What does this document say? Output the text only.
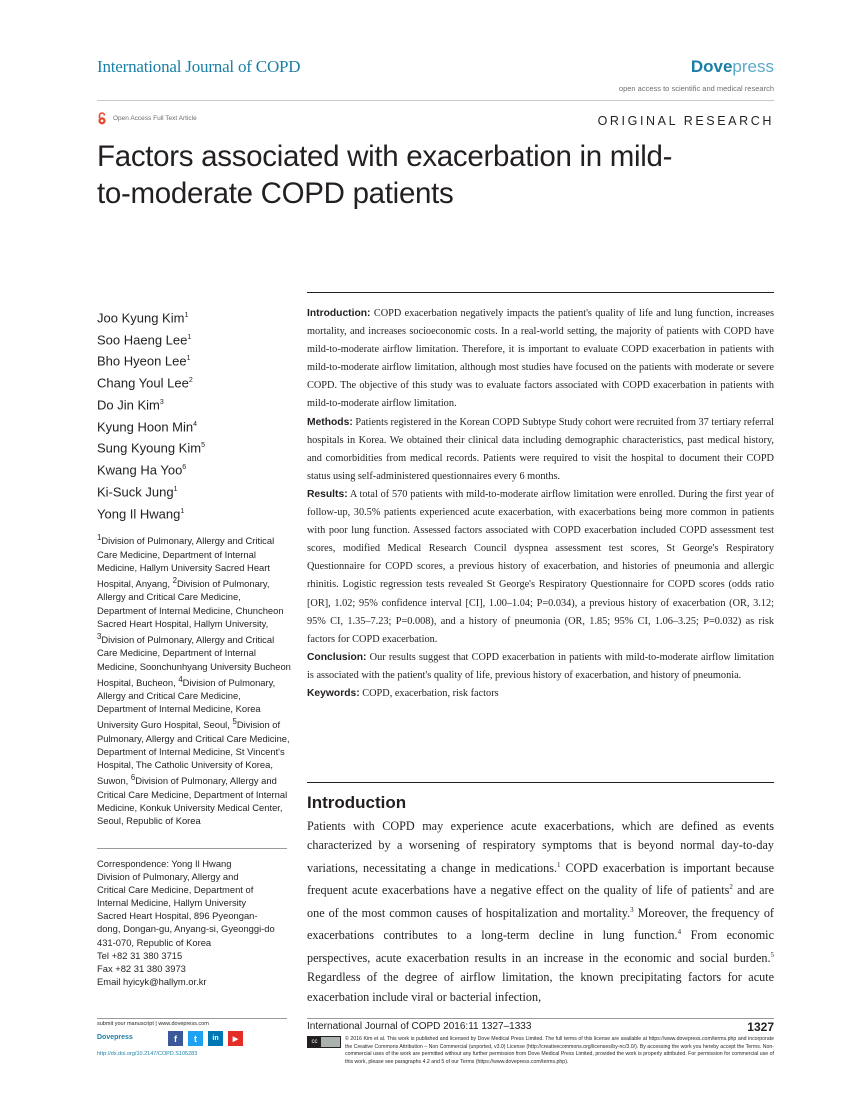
International Journal of COPD	Dovepress
open access to scientific and medical research
Open Access Full Text Article	ORIGINAL RESEARCH
Factors associated with exacerbation in mild-
to-moderate COPD patients
Joo Kyung Kim$^1$
Soo Haeng Lee$^1$
Bho Hyeon Lee$^1$
Chang Youl Lee$^2$
Do Jin Kim$^3$
Kyung Hoon Min$^4$
Sung Kyoung Kim$^5$
Kwang Ha Yoo$^6$
Ki-Suck Jung$^1$
Yong Il Hwang$^1$
$^1$Division of Pulmonary, Allergy and Critical Care Medicine, Department of Internal Medicine, Hallym University Sacred Heart Hospital, Anyang, $^2$Division of Pulmonary, Allergy and Critical Care Medicine, Department of Internal Medicine, Chuncheon Sacred Heart Hospital, Hallym University, $^3$Division of Pulmonary, Allergy and Critical Care Medicine, Department of Internal Medicine, Soonchunhyang University Bucheon Hospital, Bucheon, $^4$Division of Pulmonary, Allergy and Critical Care Medicine, Department of Internal Medicine, Korea University Guro Hospital, Seoul, $^5$Division of Pulmonary, Allergy and Critical Care Medicine, Department of Internal Medicine, St Vincent's Hospital, The Catholic University of Korea, Suwon, $^6$Division of Pulmonary, Allergy and Critical Care Medicine, Department of Internal Medicine, Konkuk University Medical Center, Seoul, Republic of Korea
Correspondence: Yong Il Hwang
Division of Pulmonary, Allergy and
Critical Care Medicine, Department of
Internal Medicine, Hallym University
Sacred Heart Hospital, 896 Pyeongan-
dong, Dongan-gu, Anyang-si, Gyeonggi-do
431-070, Republic of Korea
Tel +82 31 380 3715
Fax +82 31 380 3973
Email hyicyk@hallym.or.kr

Introduction: COPD exacerbation negatively impacts the patient's quality of life and lung function, increases mortality, and increases socioeconomic costs. In a real-world setting, the majority of patients with COPD have mild-to-moderate airflow limitation. Therefore, it is important to evaluate COPD exacerbation in patients with mild-to-moderate airflow limitation, although most studies have focused on the patients with moderate or severe COPD. The objective of this study was to evaluate factors associated with COPD exacerbation in patients with mild-to-moderate airflow limitation.

Methods: Patients registered in the Korean COPD Subtype Study cohort were recruited from 37 tertiary referral hospitals in Korea. We obtained their clinical data including demographic characteristics, past medical history, and comorbidities from medical records. Patients were required to visit the hospital to document their COPD status using self-administered questionnaires every 6 months.

Results: A total of 570 patients with mild-to-moderate airflow limitation were enrolled. During the first year of follow-up, 30.5% patients experienced acute exacerbation, with exacerbations being more common in patients with poor lung function. Assessed factors associated with COPD exacerbation included COPD assessment test scores, modified Medical Research Council dyspnea assessment test scores, St George's Respiratory Questionnaire for COPD scores, a previous history of exacerbation, and histories of pneumonia and allergic rhinitis. Logistic regression tests revealed St George's Respiratory Questionnaire for COPD scores (odds ratio [OR], 1.02; 95% confidence interval [CI], 1.00–1.04; P=0.034), a previous history of exacerbation (OR, 3.12; 95% CI, 1.35–7.23; P=0.008), and a history of pneumonia (OR, 1.85; 95% CI, 1.06–3.25; P=0.032) as risk factors for COPD exacerbation.

Conclusion: Our results suggest that COPD exacerbation in patients with mild-to-moderate airflow limitation is associated with the patient's quality of life, previous history of exacerbation, and history of pneumonia.

Keywords: COPD, exacerbation, risk factors

Introduction
Patients with COPD may experience acute exacerbations, which are defined as events characterized by a worsening of respiratory symptoms that is beyond normal day-to-day variations, necessitating a change in medications.$^1$ COPD exacerbation is important because frequent acute exacerbations have a negative effect on the quality of life of patients$^2$ and are one of the most common causes of hospitalization and mortality.$^3$ Moreover, the frequency of exacerbations contributes to a long-term decline in lung function.$^4$ From economic perspectives, acute exacerbation results in an increase in the economic and social burden.$^5$ Regardless of the degree of airflow limitation, the known precipitating factors for acute exacerbation include viral or bacterial infection,
submit your manuscript | www.dovepress.com
Dovepress	f	t	in	▶
http://dx.doi.org/10.2147/COPD.S105283
International Journal of COPD 2016:11 1327–1333	1327
cc	© 2016 Kim et al. This work is published and licensed by Dove Medical Press Limited. The full terms of this license are available at https://www.dovepress.com/terms.php and incorporate the Creative Commons Attribution – Non Commercial (unported, v3.0) License (http://creativecommons.org/licenses/by-nc/3.0/). By accessing the work you hereby accept the Terms. Non-commercial uses of the work are permitted without any further permission from Dove Medical Press Limited, provided the work is properly attributed. For permission for commercial use of this work, please see paragraphs 4.2 and 5 of our Terms (https://www.dovepress.com/terms.php).
